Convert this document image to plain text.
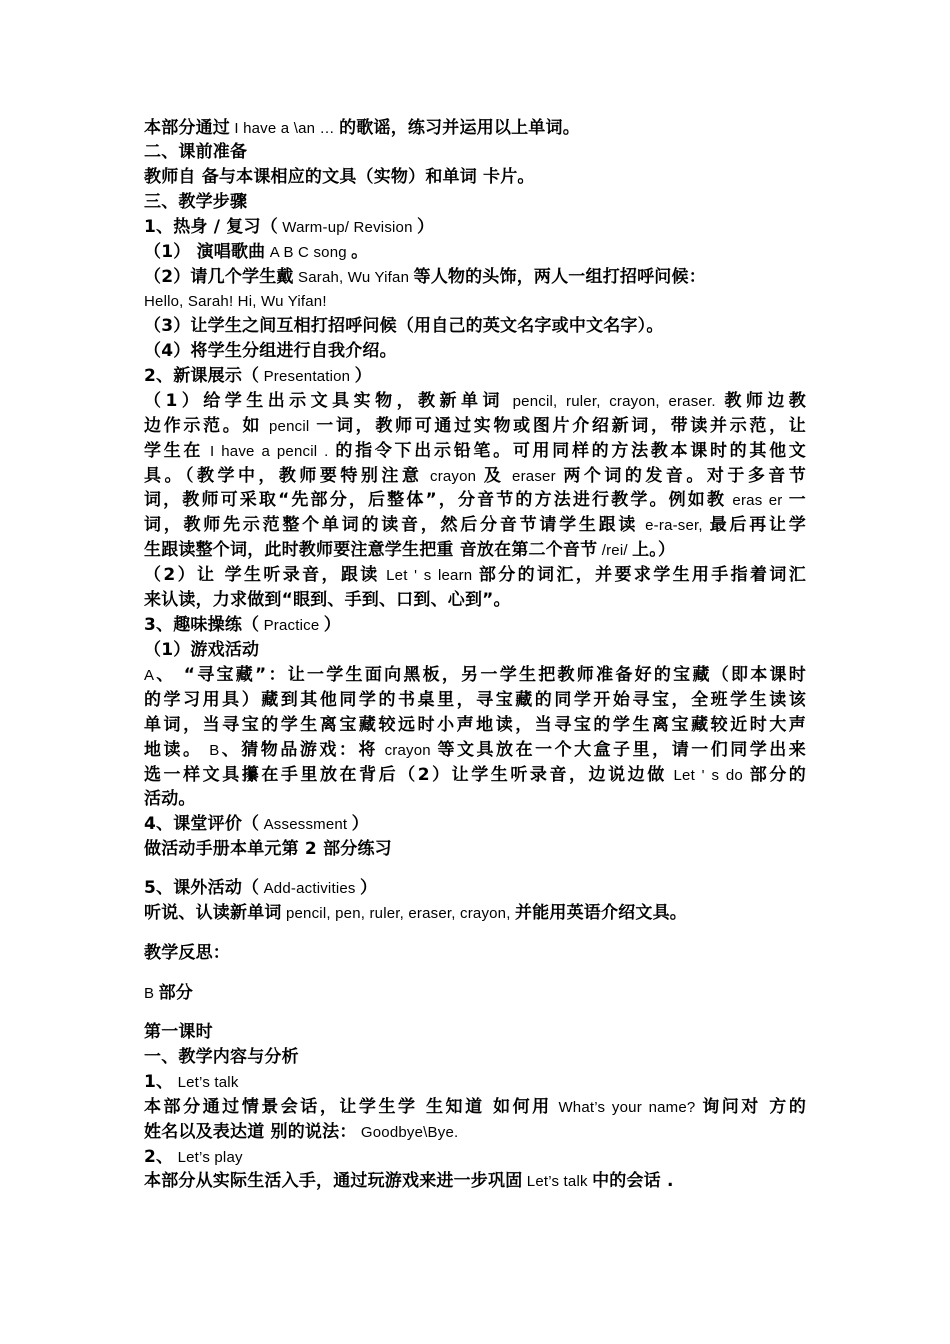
本部分通过 I have a \an … 的歌谣，练习并运用以上单词。
二、课前准备
教师自 备与本课相应的文具（实物）和单词 卡片。
三、教学步骤
1、热身 / 复习（ Warm-up/ Revision ）
（1） 演唱歌曲 A B C song 。
（2）请几个学生戴 Sarah, Wu Yifan 等人物的头饰，两人一组打招呼问候：
Hello, Sarah! Hi, Wu Yifan!
（3）让学生之间互相打招呼问候（用自己的英文名字或中文名字）。
（4）将学生分组进行自我介绍。
2、新课展示（ Presentation ）
（1）给学生出示文具实物，教新单词 pencil, ruler, crayon, eraser. 教师边教
边作示范。如 pencil 一词，教师可通过实物或图片介绍新词，带读并示范，让
学生在 I have a pencil . 的指令下出示铅笔。可用同样的方法教本课时的其他文
具。（教学中，教师要特别注意 crayon 及 eraser 两个词的发音。对于多音节
词，教师可采取“先部分，后整体”，分音节的方法进行教学。例如教 eras er 一
词，教师先示范整个单词的读音，然后分音节请学生跟读 e-ra-ser, 最后再让学
生跟读整个词，此时教师要注意学生把重 音放在第二个音节 /rei/ 上。）
（2）让 学生听录音，跟读 Let ' s learn 部分的词汇，并要求学生用手指着词汇
来认读，力求做到“眼到、手到、口到、心到”。
3、趣味操练（ Practice ）
（1）游戏活动
A、 “寻宝藏”：让一学生面向黑板，另一学生把教师准备好的宝藏（即本课时
的学习用具）藏到其他同学的书桌里，寻宝藏的同学开始寻宝，全班学生读该
单词，当寻宝的学生离宝藏较远时小声地读，当寻宝的学生离宝藏较近时大声
地读。 B、猜物品游戏：将 crayon 等文具放在一个大盒子里，请一们同学出来
选一样文具攥在手里放在背后（2）让学生听录音，边说边做 Let ' s do 部分的
活动。
4、课堂评价（ Assessment ）
做活动手册本单元第 2 部分练习
5、课外活动（ Add-activities ）
听说、认读新单词 pencil, pen, ruler, eraser, crayon, 并能用英语介绍文具。
教学反思：
B 部分
第一课时
一、教学内容与分析
1、 Let’s talk
本部分通过情景会话，让学生学 生知道 如何用 What’s your name? 询问对 方的
姓名以及表达道 别的说法： Goodbye\Bye.
2、 Let’s play
本部分从实际生活入手，通过玩游戏来进一步巩固 Let’s talk 中的会话 .
